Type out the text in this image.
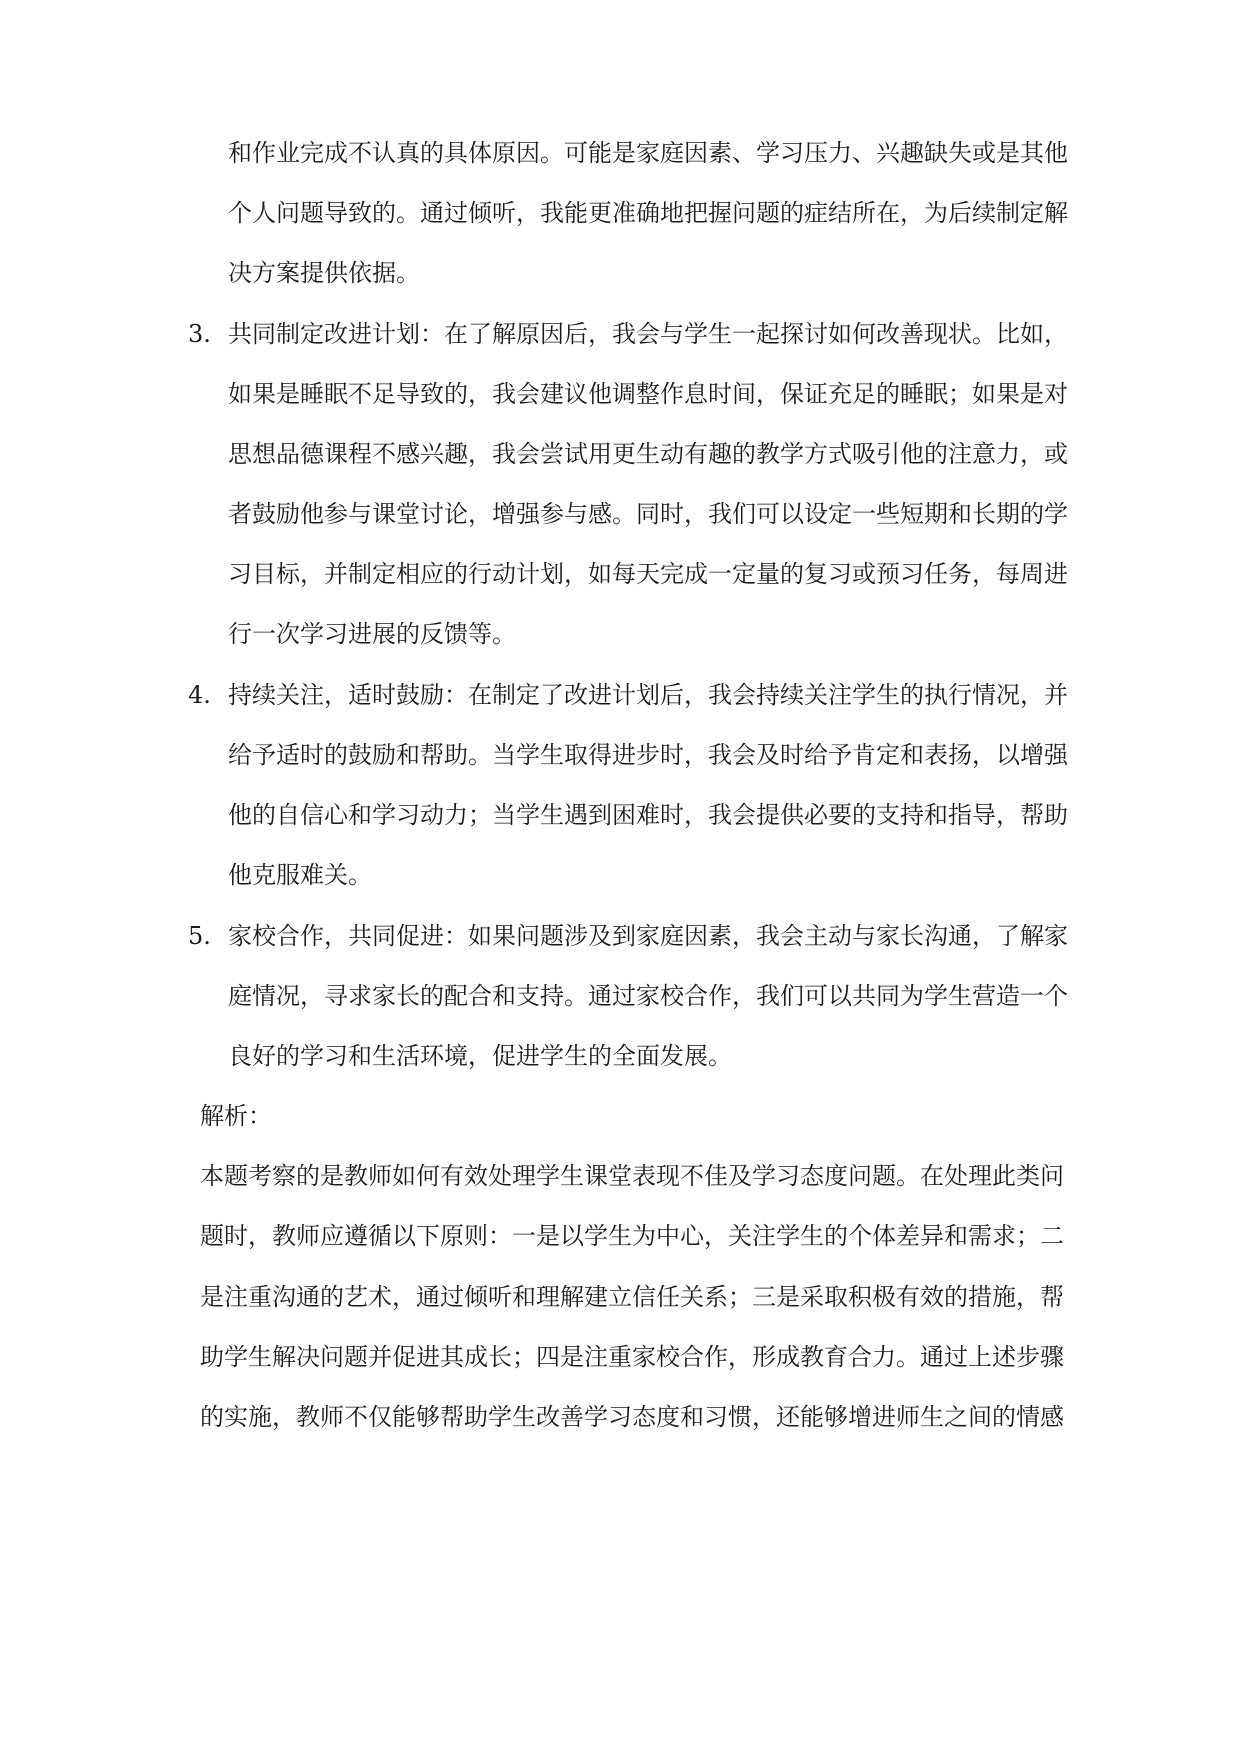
和作业完成不认真的具体原因。可能是家庭因素、学习压力、兴趣缺失或是其他
个人问题导致的。通过倾听，我能更准确地把握问题的症结所在，为后续制定解
决方案提供依据。
3. 共同制定改进计划：在了解原因后，我会与学生一起探讨如何改善现状。比如，
如果是睡眠不足导致的，我会建议他调整作息时间，保证充足的睡眠；如果是对
思想品德课程不感兴趣，我会尝试用更生动有趣的教学方式吸引他的注意力，或
者鼓励他参与课堂讨论，增强参与感。同时，我们可以设定一些短期和长期的学
习目标，并制定相应的行动计划，如每天完成一定量的复习或预习任务，每周进
行一次学习进展的反馈等。
4. 持续关注，适时鼓励：在制定了改进计划后，我会持续关注学生的执行情况，并
给予适时的鼓励和帮助。当学生取得进步时，我会及时给予肯定和表扬，以增强
他的自信心和学习动力；当学生遇到困难时，我会提供必要的支持和指导，帮助
他克服难关。
5. 家校合作，共同促进：如果问题涉及到家庭因素，我会主动与家长沟通，了解家
庭情况，寻求家长的配合和支持。通过家校合作，我们可以共同为学生营造一个
良好的学习和生活环境，促进学生的全面发展。
解析：
本题考察的是教师如何有效处理学生课堂表现不佳及学习态度问题。在处理此类问
题时，教师应遵循以下原则：一是以学生为中心，关注学生的个体差异和需求；二
是注重沟通的艺术，通过倾听和理解建立信任关系；三是采取积极有效的措施，帮
助学生解决问题并促进其成长；四是注重家校合作，形成教育合力。通过上述步骤
的实施，教师不仅能够帮助学生改善学习态度和习惯，还能够增进师生之间的情感
